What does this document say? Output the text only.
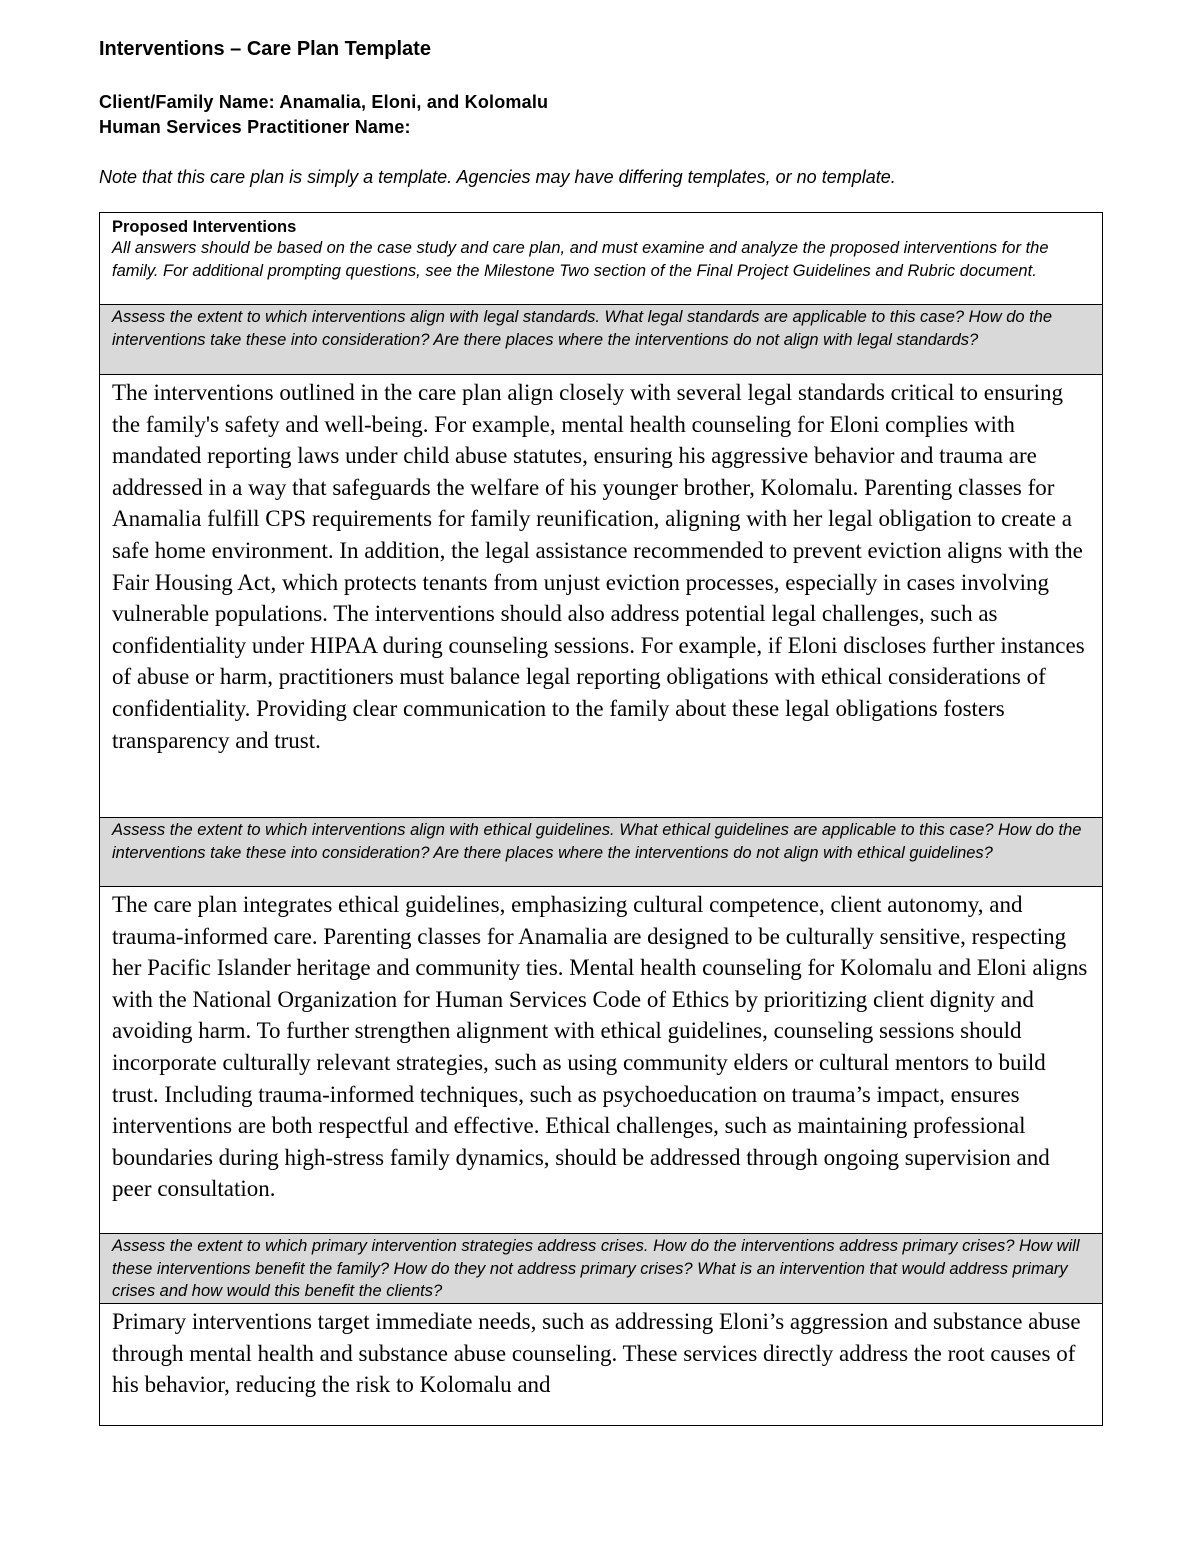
Interventions – Care Plan Template
Client/Family Name: Anamalia, Eloni, and Kolomalu
Human Services Practitioner Name:
Note that this care plan is simply a template. Agencies may have differing templates, or no template.
Proposed Interventions
All answers should be based on the case study and care plan, and must examine and analyze the proposed interventions for the family. For additional prompting questions, see the Milestone Two section of the Final Project Guidelines and Rubric document.
Assess the extent to which interventions align with legal standards. What legal standards are applicable to this case? How do the interventions take these into consideration? Are there places where the interventions do not align with legal standards?
The interventions outlined in the care plan align closely with several legal standards critical to ensuring the family's safety and well-being. For example, mental health counseling for Eloni complies with mandated reporting laws under child abuse statutes, ensuring his aggressive behavior and trauma are addressed in a way that safeguards the welfare of his younger brother, Kolomalu. Parenting classes for Anamalia fulfill CPS requirements for family reunification, aligning with her legal obligation to create a safe home environment. In addition, the legal assistance recommended to prevent eviction aligns with the Fair Housing Act, which protects tenants from unjust eviction processes, especially in cases involving vulnerable populations. The interventions should also address potential legal challenges, such as confidentiality under HIPAA during counseling sessions. For example, if Eloni discloses further instances of abuse or harm, practitioners must balance legal reporting obligations with ethical considerations of confidentiality. Providing clear communication to the family about these legal obligations fosters transparency and trust.
Assess the extent to which interventions align with ethical guidelines. What ethical guidelines are applicable to this case? How do the interventions take these into consideration? Are there places where the interventions do not align with ethical guidelines?
The care plan integrates ethical guidelines, emphasizing cultural competence, client autonomy, and trauma-informed care. Parenting classes for Anamalia are designed to be culturally sensitive, respecting her Pacific Islander heritage and community ties. Mental health counseling for Kolomalu and Eloni aligns with the National Organization for Human Services Code of Ethics by prioritizing client dignity and avoiding harm. To further strengthen alignment with ethical guidelines, counseling sessions should incorporate culturally relevant strategies, such as using community elders or cultural mentors to build trust. Including trauma-informed techniques, such as psychoeducation on trauma’s impact, ensures interventions are both respectful and effective. Ethical challenges, such as maintaining professional boundaries during high-stress family dynamics, should be addressed through ongoing supervision and peer consultation.
Assess the extent to which primary intervention strategies address crises. How do the interventions address primary crises? How will these interventions benefit the family? How do they not address primary crises? What is an intervention that would address primary crises and how would this benefit the clients?
Primary interventions target immediate needs, such as addressing Eloni’s aggression and substance abuse through mental health and substance abuse counseling. These services directly address the root causes of his behavior, reducing the risk to Kolomalu and
